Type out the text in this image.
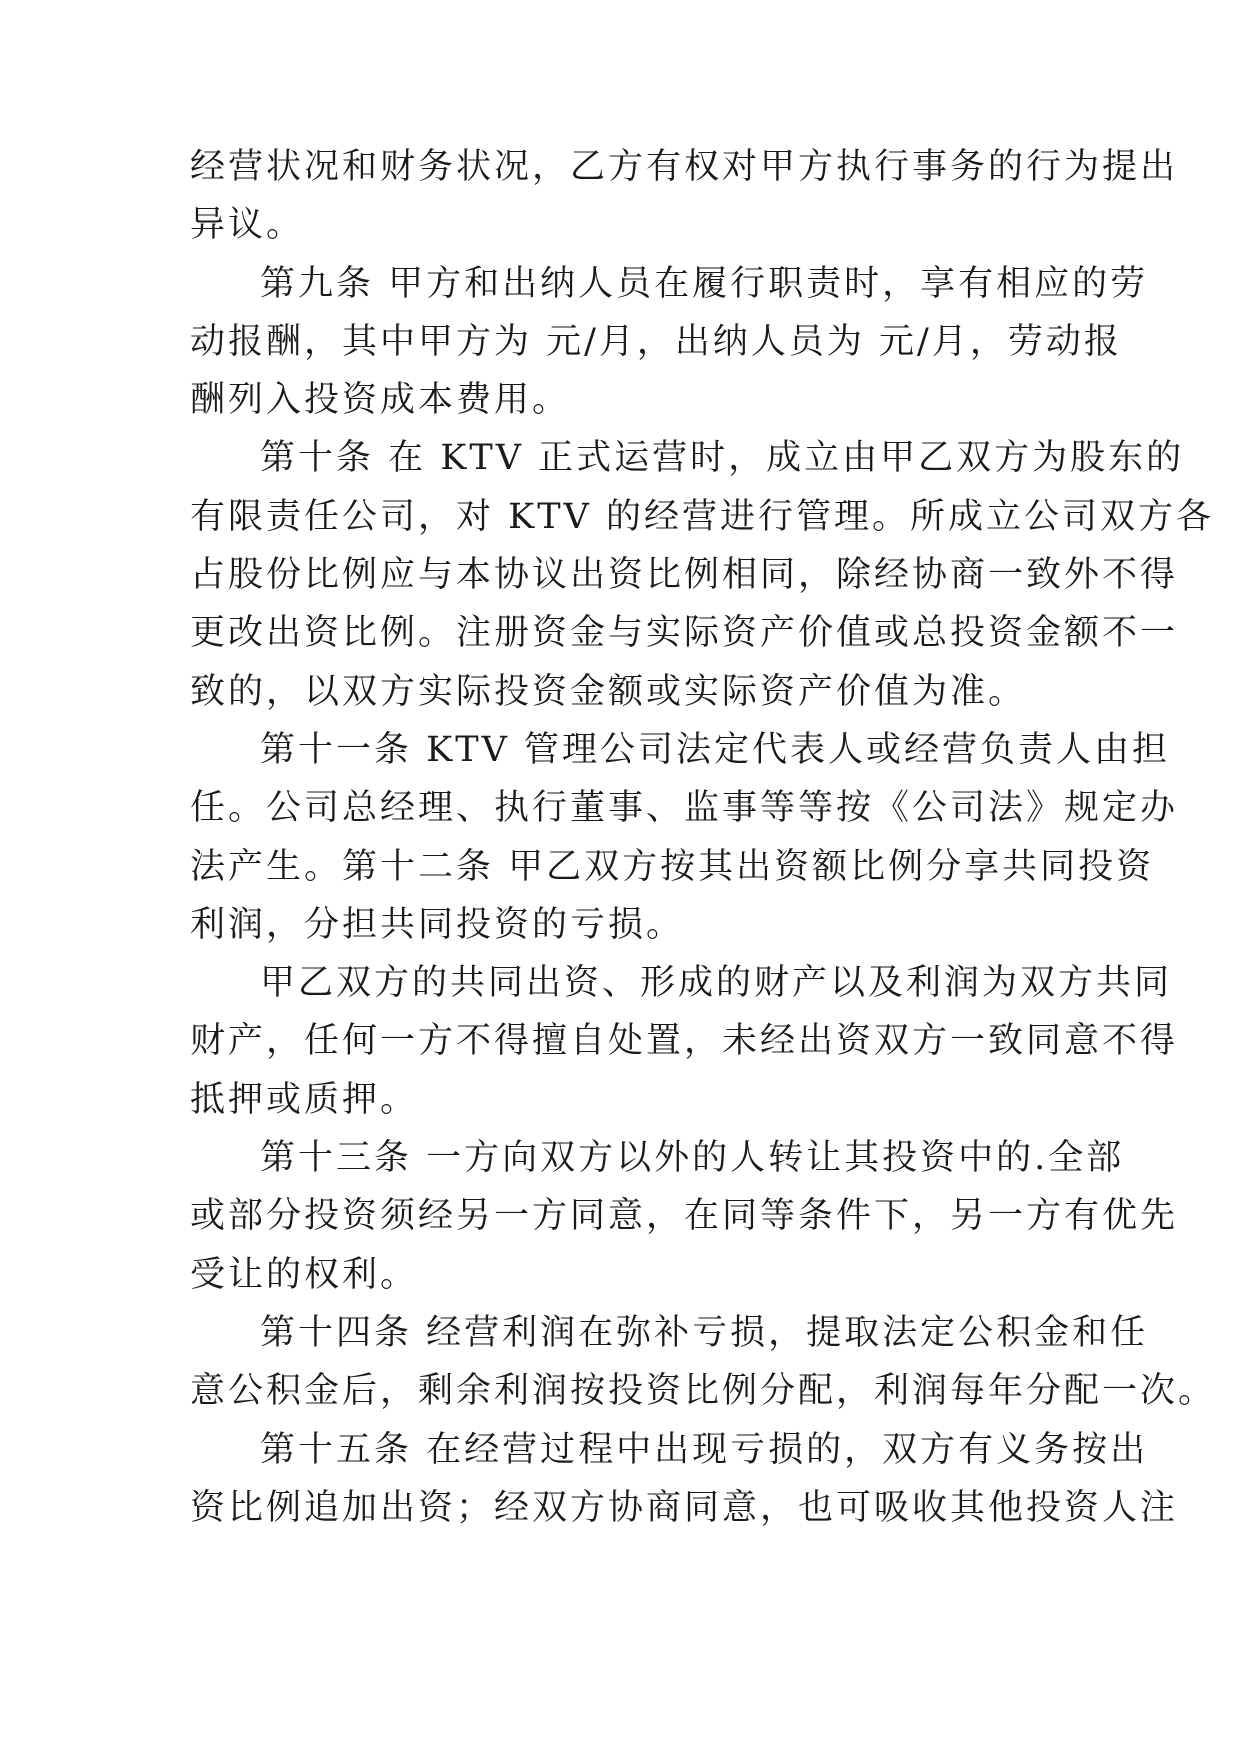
经营状况和财务状况，乙方有权对甲方执行事务的行为提出
异议。
第九条 甲方和出纳人员在履行职责时，享有相应的劳
动报酬，其中甲方为 元/月，出纳人员为 元/月，劳动报
酬列入投资成本费用。
第十条 在 KTV 正式运营时，成立由甲乙双方为股东的
有限责任公司，对 KTV 的经营进行管理。所成立公司双方各
占股份比例应与本协议出资比例相同，除经协商一致外不得
更改出资比例。注册资金与实际资产价值或总投资金额不一
致的，以双方实际投资金额或实际资产价值为准。
第十一条 KTV 管理公司法定代表人或经营负责人由担
任。公司总经理、执行董事、监事等等按《公司法》规定办
法产生。第十二条 甲乙双方按其出资额比例分享共同投资
利润，分担共同投资的亏损。
甲乙双方的共同出资、形成的财产以及利润为双方共同
财产，任何一方不得擅自处置，未经出资双方一致同意不得
抵押或质押。
第十三条 一方向双方以外的人转让其投资中的.全部
或部分投资须经另一方同意，在同等条件下，另一方有优先
受让的权利。
第十四条 经营利润在弥补亏损，提取法定公积金和任
意公积金后，剩余利润按投资比例分配，利润每年分配一次。
第十五条 在经营过程中出现亏损的，双方有义务按出
资比例追加出资；经双方协商同意，也可吸收其他投资人注
